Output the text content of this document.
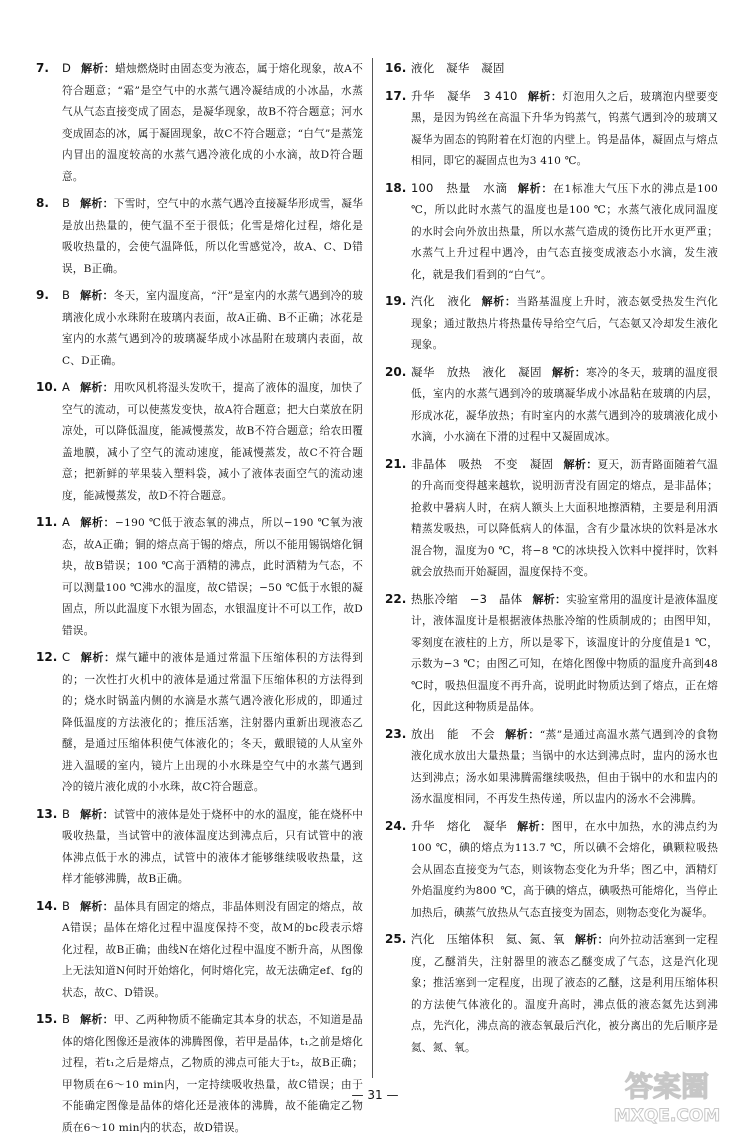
7. D 解析：蜡烛燃烧时由固态变为液态，属于熔化现象，故A不符合题意；“霜”是空气中的水蒸气遇冷凝结成的小冰晶，水蒸气从气态直接变成了固态，是凝华现象，故B不符合题意；河水变成固态的冰，属于凝固现象，故C不符合题意；“白气”是蒸笼内冒出的温度较高的水蒸气遇冷液化成的小水滴，故D符合题意。
8. B 解析：下雪时，空气中的水蒸气遇冷直接凝华形成雪，凝华是放出热量的，使气温不至于很低；化雪是熔化过程，熔化是吸收热量的，会使气温降低，所以化雪感觉冷，故A、C、D错误，B正确。
9. B 解析：冬天，室内温度高，“汗”是室内的水蒸气遇到冷的玻璃液化成小水珠附在玻璃内表面，故A正确、B不正确；冰花是室内的水蒸气遇到冷的玻璃凝华成小冰晶附在玻璃内表面，故C、D正确。
10. A 解析：用吹风机将湿头发吹干，提高了液体的温度，加快了空气的流动，可以使蒸发变快，故A符合题意；把大白菜放在阴凉处，可以降低温度，能减慢蒸发，故B不符合题意；给农田覆盖地膜，减小了空气的流动速度，能减慢蒸发，故C不符合题意；把新鲜的苹果装入塑料袋，减小了液体表面空气的流动速度，能减慢蒸发，故D不符合题意。
11. A 解析：−190 ℃低于液态氧的沸点，所以−190 ℃氧为液态，故A正确；铜的熔点高于锡的熔点，所以不能用锡锅熔化铜块，故B错误；100 ℃高于酒精的沸点，此时酒精为气态，不可以测量100 ℃沸水的温度，故C错误；−50 ℃低于水银的凝固点，所以此温度下水银为固态，水银温度计不可以工作，故D错误。
12. C 解析：煤气罐中的液体是通过常温下压缩体积的方法得到的；一次性打火机中的液体是通过常温下压缩体积的方法得到的；烧水时锅盖内侧的水滴是水蒸气遇冷液化形成的，即通过降低温度的方法液化的；推压活塞，注射器内重新出现液态乙醚，是通过压缩体积使气体液化的；冬天，戴眼镜的人从室外进入温暖的室内，镜片上出现的小水珠是空气中的水蒸气遇到冷的镜片液化成的小水珠，故C符合题意。
13. B 解析：试管中的液体是处于烧杯中的水的温度，能在烧杯中吸收热量，当试管中的液体温度达到沸点后，只有试管中的液体沸点低于水的沸点，试管中的液体才能够继续吸收热量，这样才能够沸腾，故B正确。
14. B 解析：晶体具有固定的熔点，非晶体则没有固定的熔点，故A错误；晶体在熔化过程中温度保持不变，故M的bc段表示熔化过程，故B正确；曲线N在熔化过程中温度不断升高，从图像上无法知道N何时开始熔化，何时熔化完，故无法确定ef、fg的状态，故C、D错误。
15. B 解析：甲、乙两种物质不能确定其本身的状态，不知道是晶体的熔化图像还是液体的沸腾图像，若甲是晶体，t₁之前是熔化过程，若t₁之后是熔点，乙物质的沸点可能大于t₂，故B正确；甲物质在6～10 min内，一定持续吸收热量，故C错误；由于不能确定图像是晶体的熔化还是液体的沸腾，故不能确定乙物质在6～10 min内的状态，故D错误。
16. 液化　凝华　凝固
17. 升华　凝华　3 410 解析：灯泡用久之后，玻璃泡内壁要变黑，是因为钨丝在高温下升华为钨蒸气，钨蒸气遇到冷的玻璃又凝华为固态的钨附着在灯泡的内壁上。钨是晶体，凝固点与熔点相同，即它的凝固点也为3 410 ℃。
18. 100　热量　水滴 解析：在1标准大气压下水的沸点是100 ℃，所以此时水蒸气的温度也是100 ℃；水蒸气液化成同温度的水时会向外放出热量，所以水蒸气造成的烫伤比开水更严重；水蒸气上升过程中遇冷，由气态直接变成液态小水滴，发生液化，就是我们看到的“白气”。
19. 汽化　液化 解析：当路基温度上升时，液态氨受热发生汽化现象；通过散热片将热量传导给空气后，气态氨又冷却发生液化现象。
20. 凝华　放热　液化　凝固 解析：寒冷的冬天，玻璃的温度很低，室内的水蒸气遇到冷的玻璃凝华成小冰晶粘在玻璃的内层，形成冰花，凝华放热；有时室内的水蒸气遇到冷的玻璃液化成小水滴，小水滴在下滑的过程中又凝固成冰。
21. 非晶体　吸热　不变　凝固 解析：夏天，沥青路面随着气温的升高而变得越来越软，说明沥青没有固定的熔点，是非晶体；抢救中暑病人时，在病人额头上大面积地擦酒精，主要是利用酒精蒸发吸热，可以降低病人的体温，含有少量冰块的饮料是冰水混合物，温度为0 ℃，将−8 ℃的冰块投入饮料中搅拌时，饮料就会放热而开始凝固，温度保持不变。
22. 热胀冷缩　−3　晶体 解析：实验室常用的温度计是液体温度计，液体温度计是根据液体热胀冷缩的性质制成的；由图甲知，零刻度在液柱的上方，所以是零下，该温度计的分度值是1 ℃，示数为−3 ℃；由图乙可知，在熔化图像中物质的温度升高到48 ℃时，吸热但温度不再升高，说明此时物质达到了熔点，正在熔化，因此这种物质是晶体。
23. 放出　能　不会 解析：“蒸”是通过高温水蒸气遇到冷的食物液化成水放出大量热量；当锅中的水达到沸点时，盅内的汤水也达到沸点；汤水如果沸腾需继续吸热，但由于锅中的水和盅内的汤水温度相同，不再发生热传递，所以盅内的汤水不会沸腾。
24. 升华　熔化　凝华 解析：图甲，在水中加热，水的沸点约为100 ℃，碘的熔点为113.7 ℃，所以碘不会熔化，碘颗粒吸热会从固态直接变为气态，则该物态变化为升华；图乙中，酒精灯外焰温度约为800 ℃，高于碘的熔点，碘吸热可能熔化，当停止加热后，碘蒸气放热从气态直接变为固态，则物态变化为凝华。
25. 汽化　压缩体积　氦、氮、氧 解析：向外拉动活塞到一定程度，乙醚消失，注射器里的液态乙醚变成了气态，这是汽化现象；推活塞到一定程度，出现了液态的乙醚，这是利用压缩体积的方法使气体液化的。温度升高时，沸点低的液态氦先达到沸点，先汽化，沸点高的液态氧最后汽化，被分离出的先后顺序是氦、氮、氧。
— 31 —	答案圈
MXQE.COM
